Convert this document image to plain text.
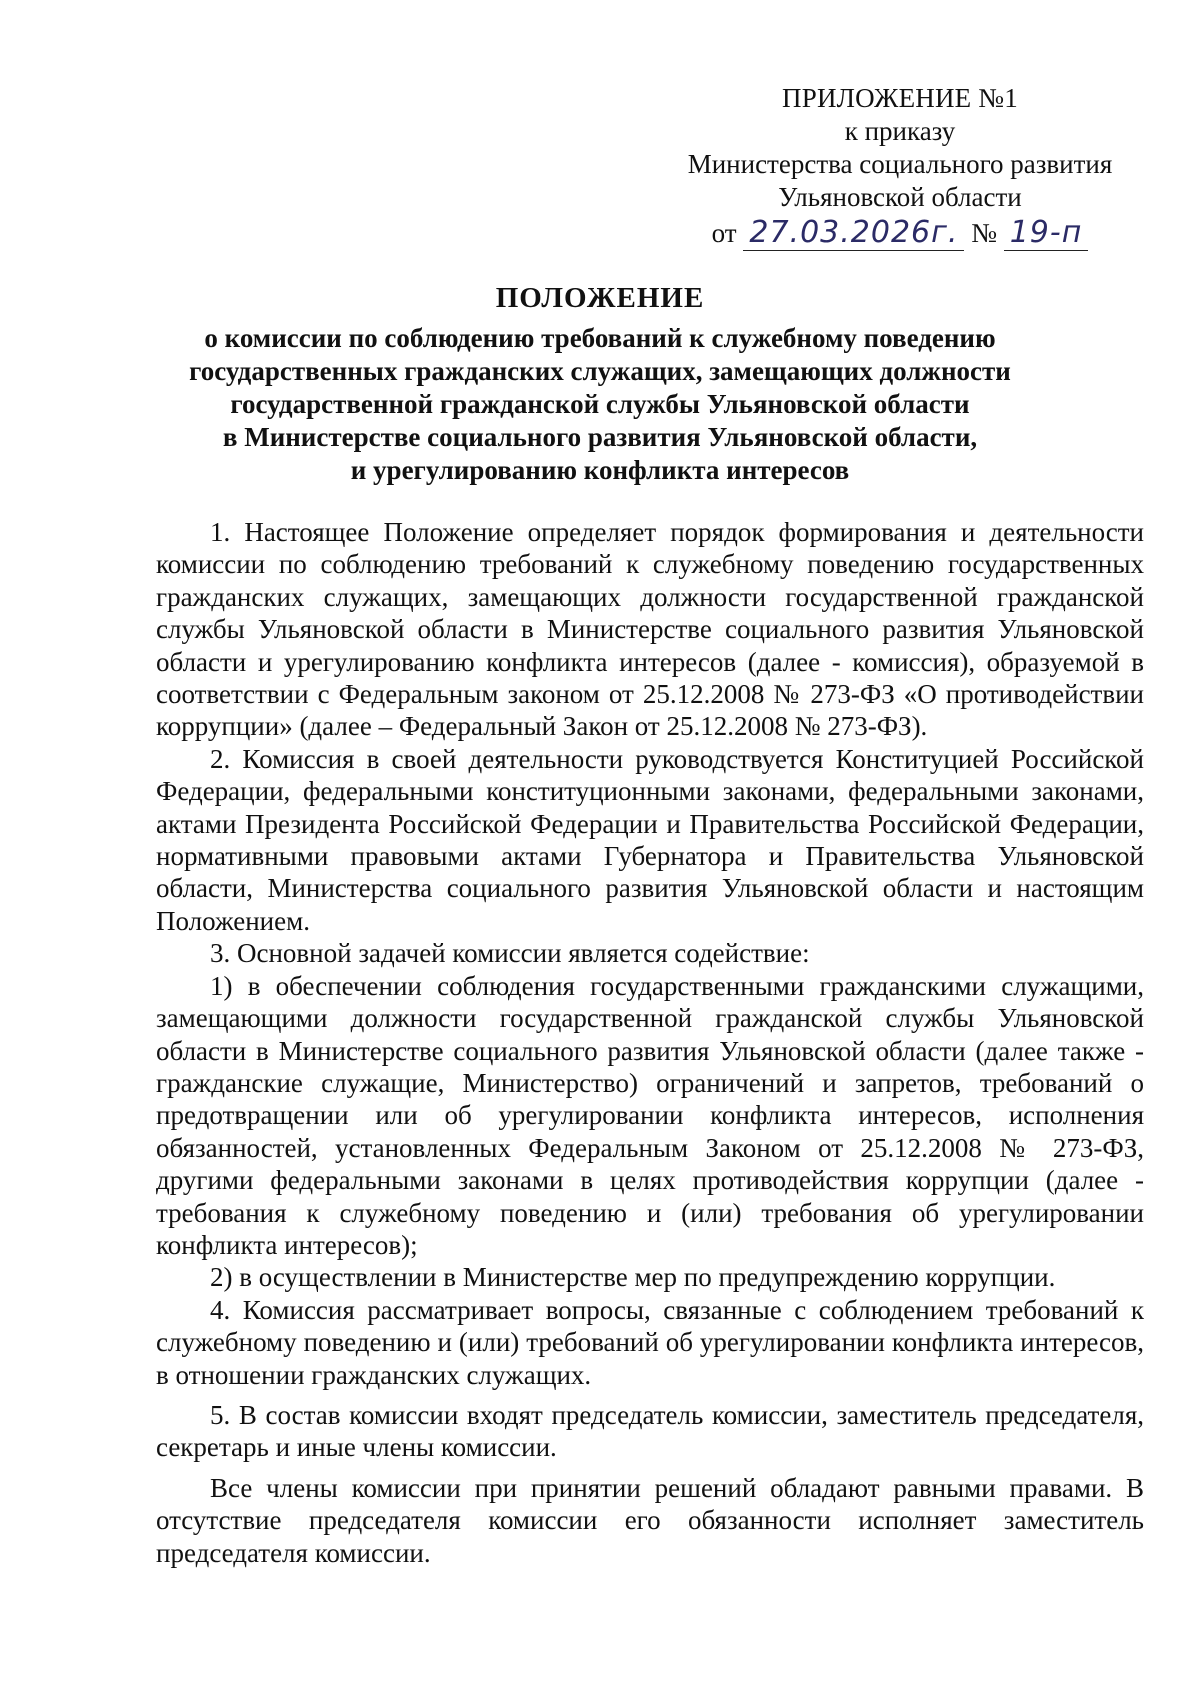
ПРИЛОЖЕНИЕ №1
к приказу
Министерства социального развития
Ульяновской области
от 27.03.2026г. № 19-п
ПОЛОЖЕНИЕ
о комиссии по соблюдению требований к служебному поведению
государственных гражданских служащих, замещающих должности
государственной гражданской службы Ульяновской области
в Министерстве социального развития Ульяновской области,
и урегулированию конфликта интересов

1. Настоящее Положение определяет порядок формирования и деятельности комиссии по соблюдению требований к служебному поведению государственных гражданских служащих, замещающих должности государственной гражданской службы Ульяновской области в Министерстве социального развития Ульяновской области и урегулированию конфликта интересов (далее - комиссия), образуемой в соответствии с Федеральным законом от 25.12.2008 № 273-ФЗ «О противодействии коррупции» (далее – Федеральный Закон от 25.12.2008 № 273-ФЗ).

2. Комиссия в своей деятельности руководствуется Конституцией Российской Федерации, федеральными конституционными законами, федеральными законами, актами Президента Российской Федерации и Правительства Российской Федерации, нормативными правовыми актами Губернатора и Правительства Ульяновской области, Министерства социального развития Ульяновской области и настоящим Положением.

3. Основной задачей комиссии является содействие:

1) в обеспечении соблюдения государственными гражданскими служащими, замещающими должности государственной гражданской службы Ульяновской области в Министерстве социального развития Ульяновской области (далее также - гражданские служащие, Министерство) ограничений и запретов, требований о предотвращении или об урегулировании конфликта интересов, исполнения обязанностей, установленных Федеральным Законом от 25.12.2008 № 273-ФЗ, другими федеральными законами в целях противодействия коррупции (далее - требования к служебному поведению и (или) требования об урегулировании конфликта интересов);

2) в осуществлении в Министерстве мер по предупреждению коррупции.

4. Комиссия рассматривает вопросы, связанные с соблюдением требований к служебному поведению и (или) требований об урегулировании конфликта интересов, в отношении гражданских служащих.

5. В состав комиссии входят председатель комиссии, заместитель председателя, секретарь и иные члены комиссии.

Все члены комиссии при принятии решений обладают равными правами. В отсутствие председателя комиссии его обязанности исполняет заместитель председателя комиссии.
